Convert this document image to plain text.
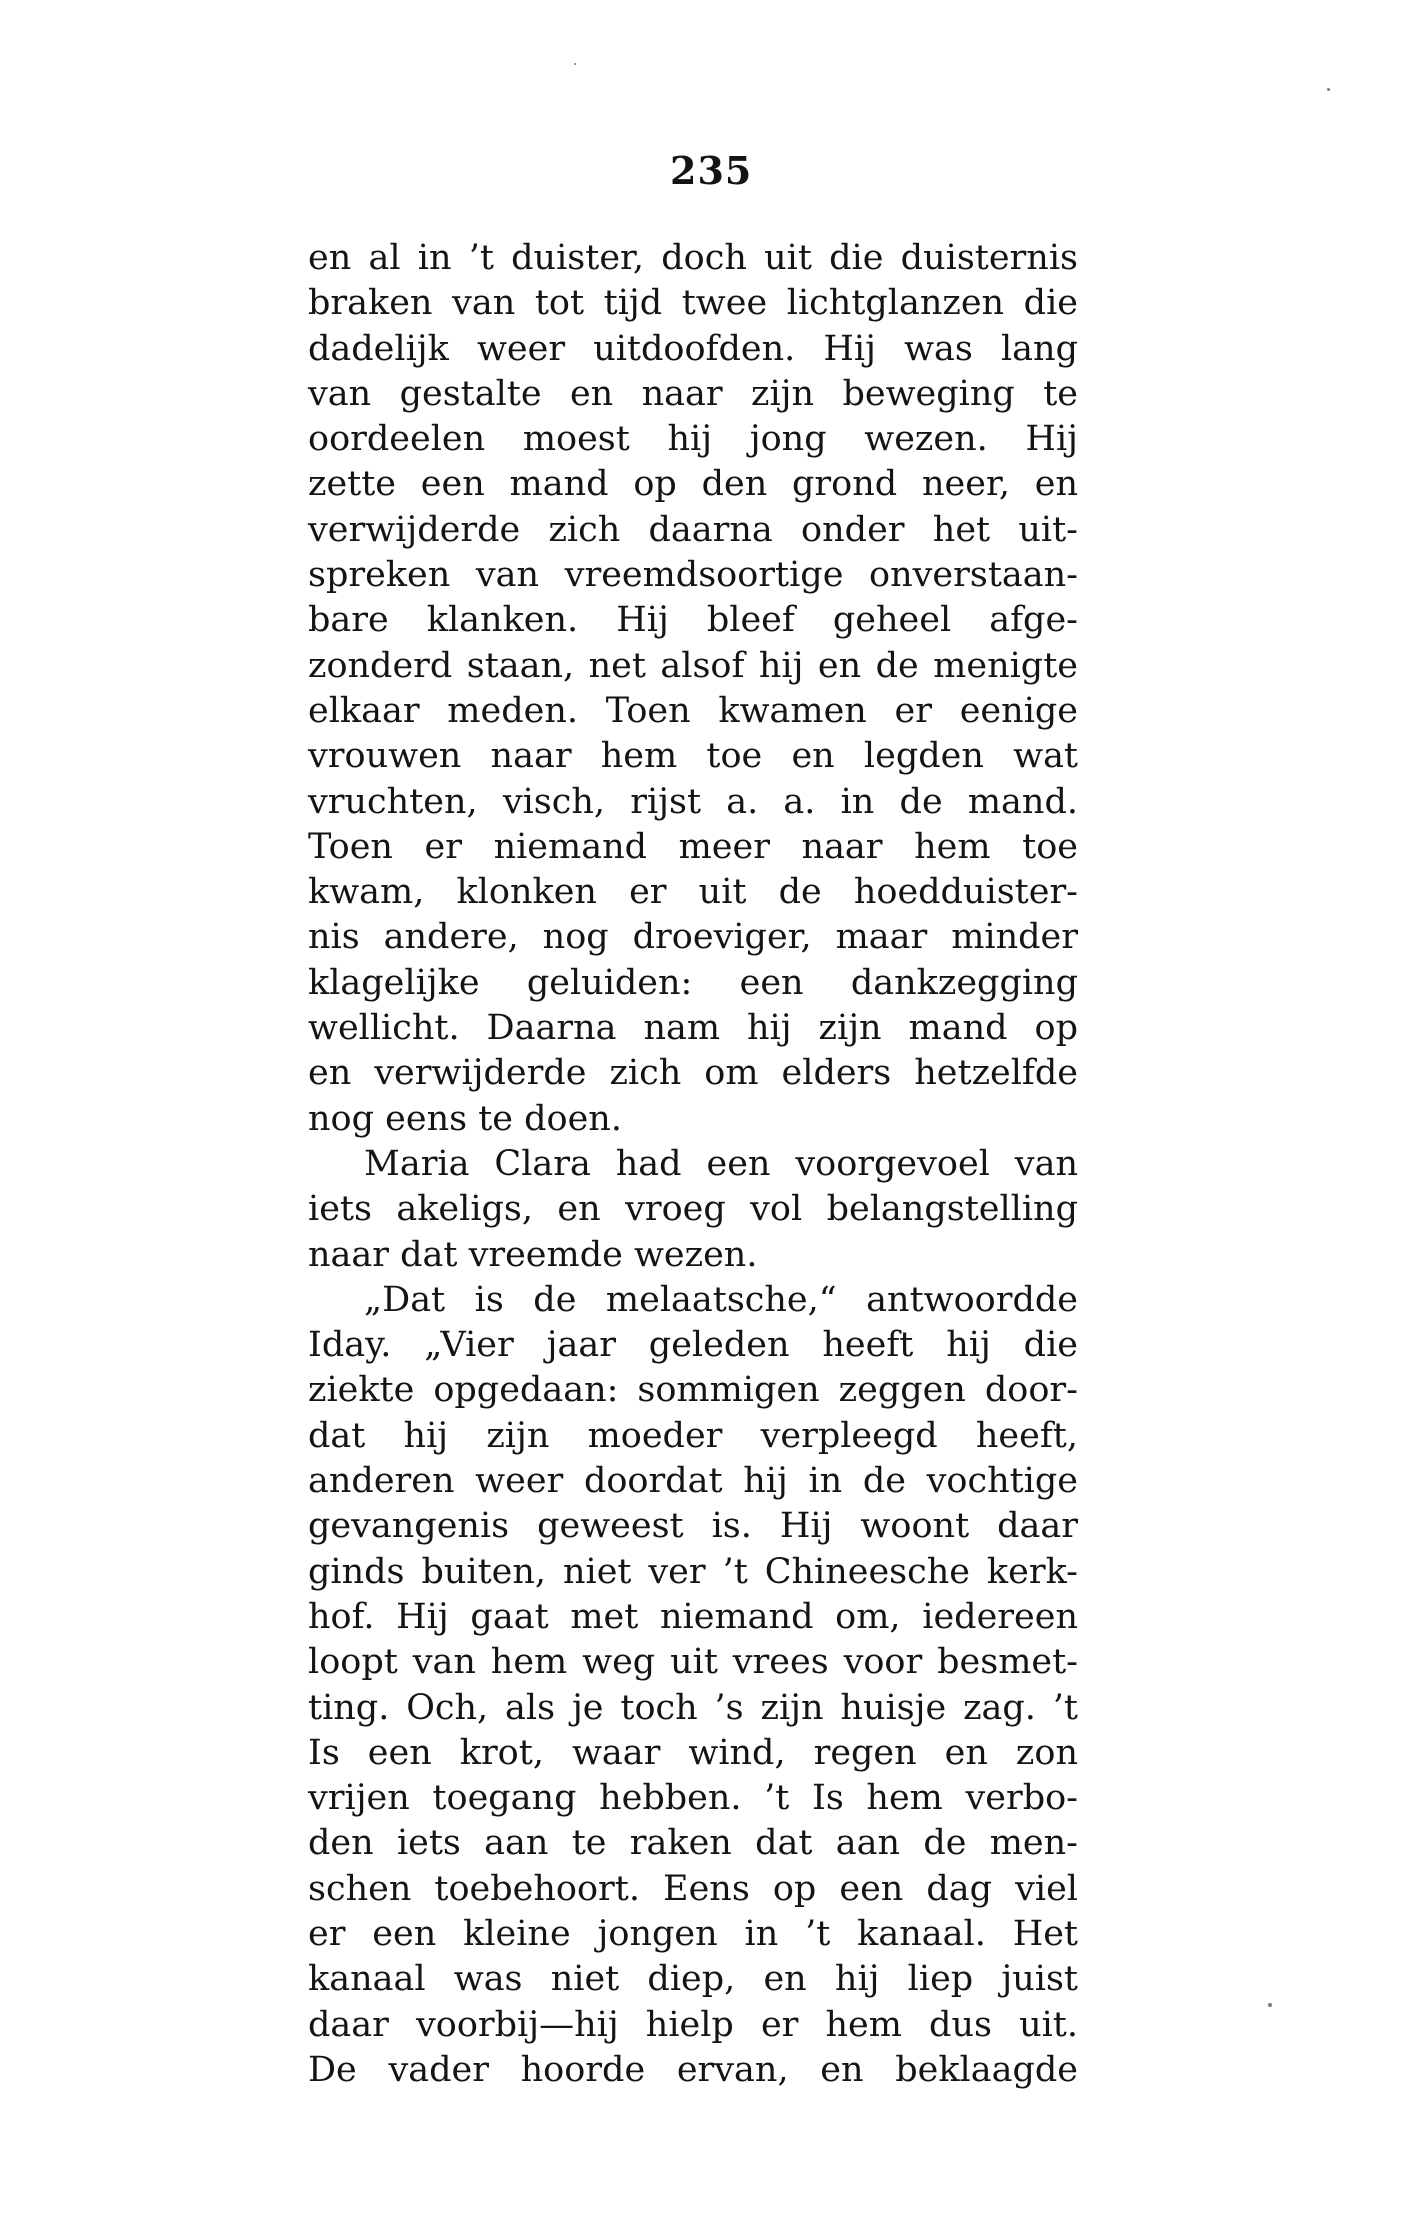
235
en al in ’t duister, doch uit die duisternis
braken van tot tijd twee lichtglanzen die
dadelijk weer uitdoofden. Hij was lang
van gestalte en naar zijn beweging te
oordeelen moest hij jong wezen. Hij
zette een mand op den grond neer, en
verwijderde zich daarna onder het uit-
spreken van vreemdsoortige onverstaan-
bare klanken. Hij bleef geheel afge-
zonderd staan, net alsof hij en de menigte
elkaar meden. Toen kwamen er eenige
vrouwen naar hem toe en legden wat
vruchten, visch, rijst a. a. in de mand.
Toen er niemand meer naar hem toe
kwam, klonken er uit de hoedduister-
nis andere, nog droeviger, maar minder
klagelijke geluiden: een dankzegging
wellicht. Daarna nam hij zijn mand op
en verwijderde zich om elders hetzelfde
nog eens te doen.
Maria Clara had een voorgevoel van
iets akeligs, en vroeg vol belangstelling
naar dat vreemde wezen.
„Dat is de melaatsche,“ antwoordde
Iday. „Vier jaar geleden heeft hij die
ziekte opgedaan: sommigen zeggen door-
dat hij zijn moeder verpleegd heeft,
anderen weer doordat hij in de vochtige
gevangenis geweest is. Hij woont daar
ginds buiten, niet ver ’t Chineesche kerk-
hof. Hij gaat met niemand om, iedereen
loopt van hem weg uit vrees voor besmet-
ting. Och, als je toch ’s zijn huisje zag. ’t
Is een krot, waar wind, regen en zon
vrijen toegang hebben. ’t Is hem verbo-
den iets aan te raken dat aan de men-
schen toebehoort. Eens op een dag viel
er een kleine jongen in ’t kanaal. Het
kanaal was niet diep, en hij liep juist
daar voorbij—hij hielp er hem dus uit.
De vader hoorde ervan, en beklaagde
